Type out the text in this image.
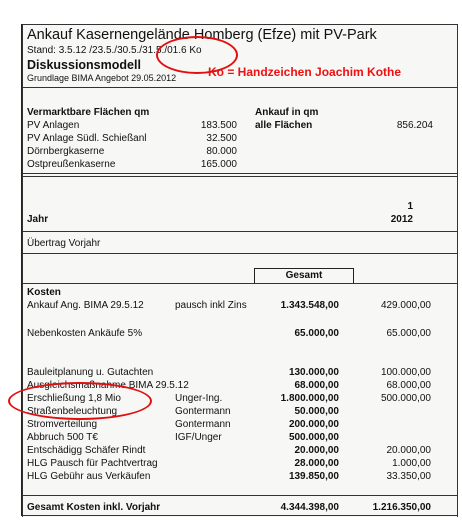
Ankauf Kasernengelände Homberg (Efze) mit PV-Park
Stand: 3.5.12 /23.5./30.5./31.5./01.6 Ko
Diskussionsmodell
Grundlage BIMA Angebot 29.05.2012	Ko = Handzeichen Joachim Kothe
Vermarktbare Flächen qm	Ankauf in qm
PV Anlagen	183.500 alle Flächen	856.204
PV Anlage Südl. Schießanl	32.500
Dörnbergkaserne	80.000
Ostpreußenkaserne	165.000
1
Jahr	2012
Übertrag Vorjahr
Gesamt
Kosten
Ankauf Ang. BIMA 29.5.12	pausch inkl Zins	1.343.548,00	429.000,00
Nebenkosten Ankäufe 5%	65.000,00	65.000,00
Bauleitplanung u. Gutachten	130.000,00	100.000,00
Ausgleichsmaßnahme BIMA 29.5.12	68.000,00	68.000,00
Erschließung 1,8 Mio	Unger-Ing.	1.800.000,00	500.000,00
Straßenbeleuchtung	Gontermann	50.000,00
Stromverteilung	Gontermann	200.000,00
Abbruch 500 T€	IGF/Unger	500.000,00
Entschädigg Schäfer Rindt	20.000,00	20.000,00
HLG Pausch für Pachtvertrag	28.000,00	1.000,00
HLG Gebühr aus Verkäufen	139.850,00	33.350,00
Gesamt Kosten inkl. Vorjahr	4.344.398,00	1.216.350,00
